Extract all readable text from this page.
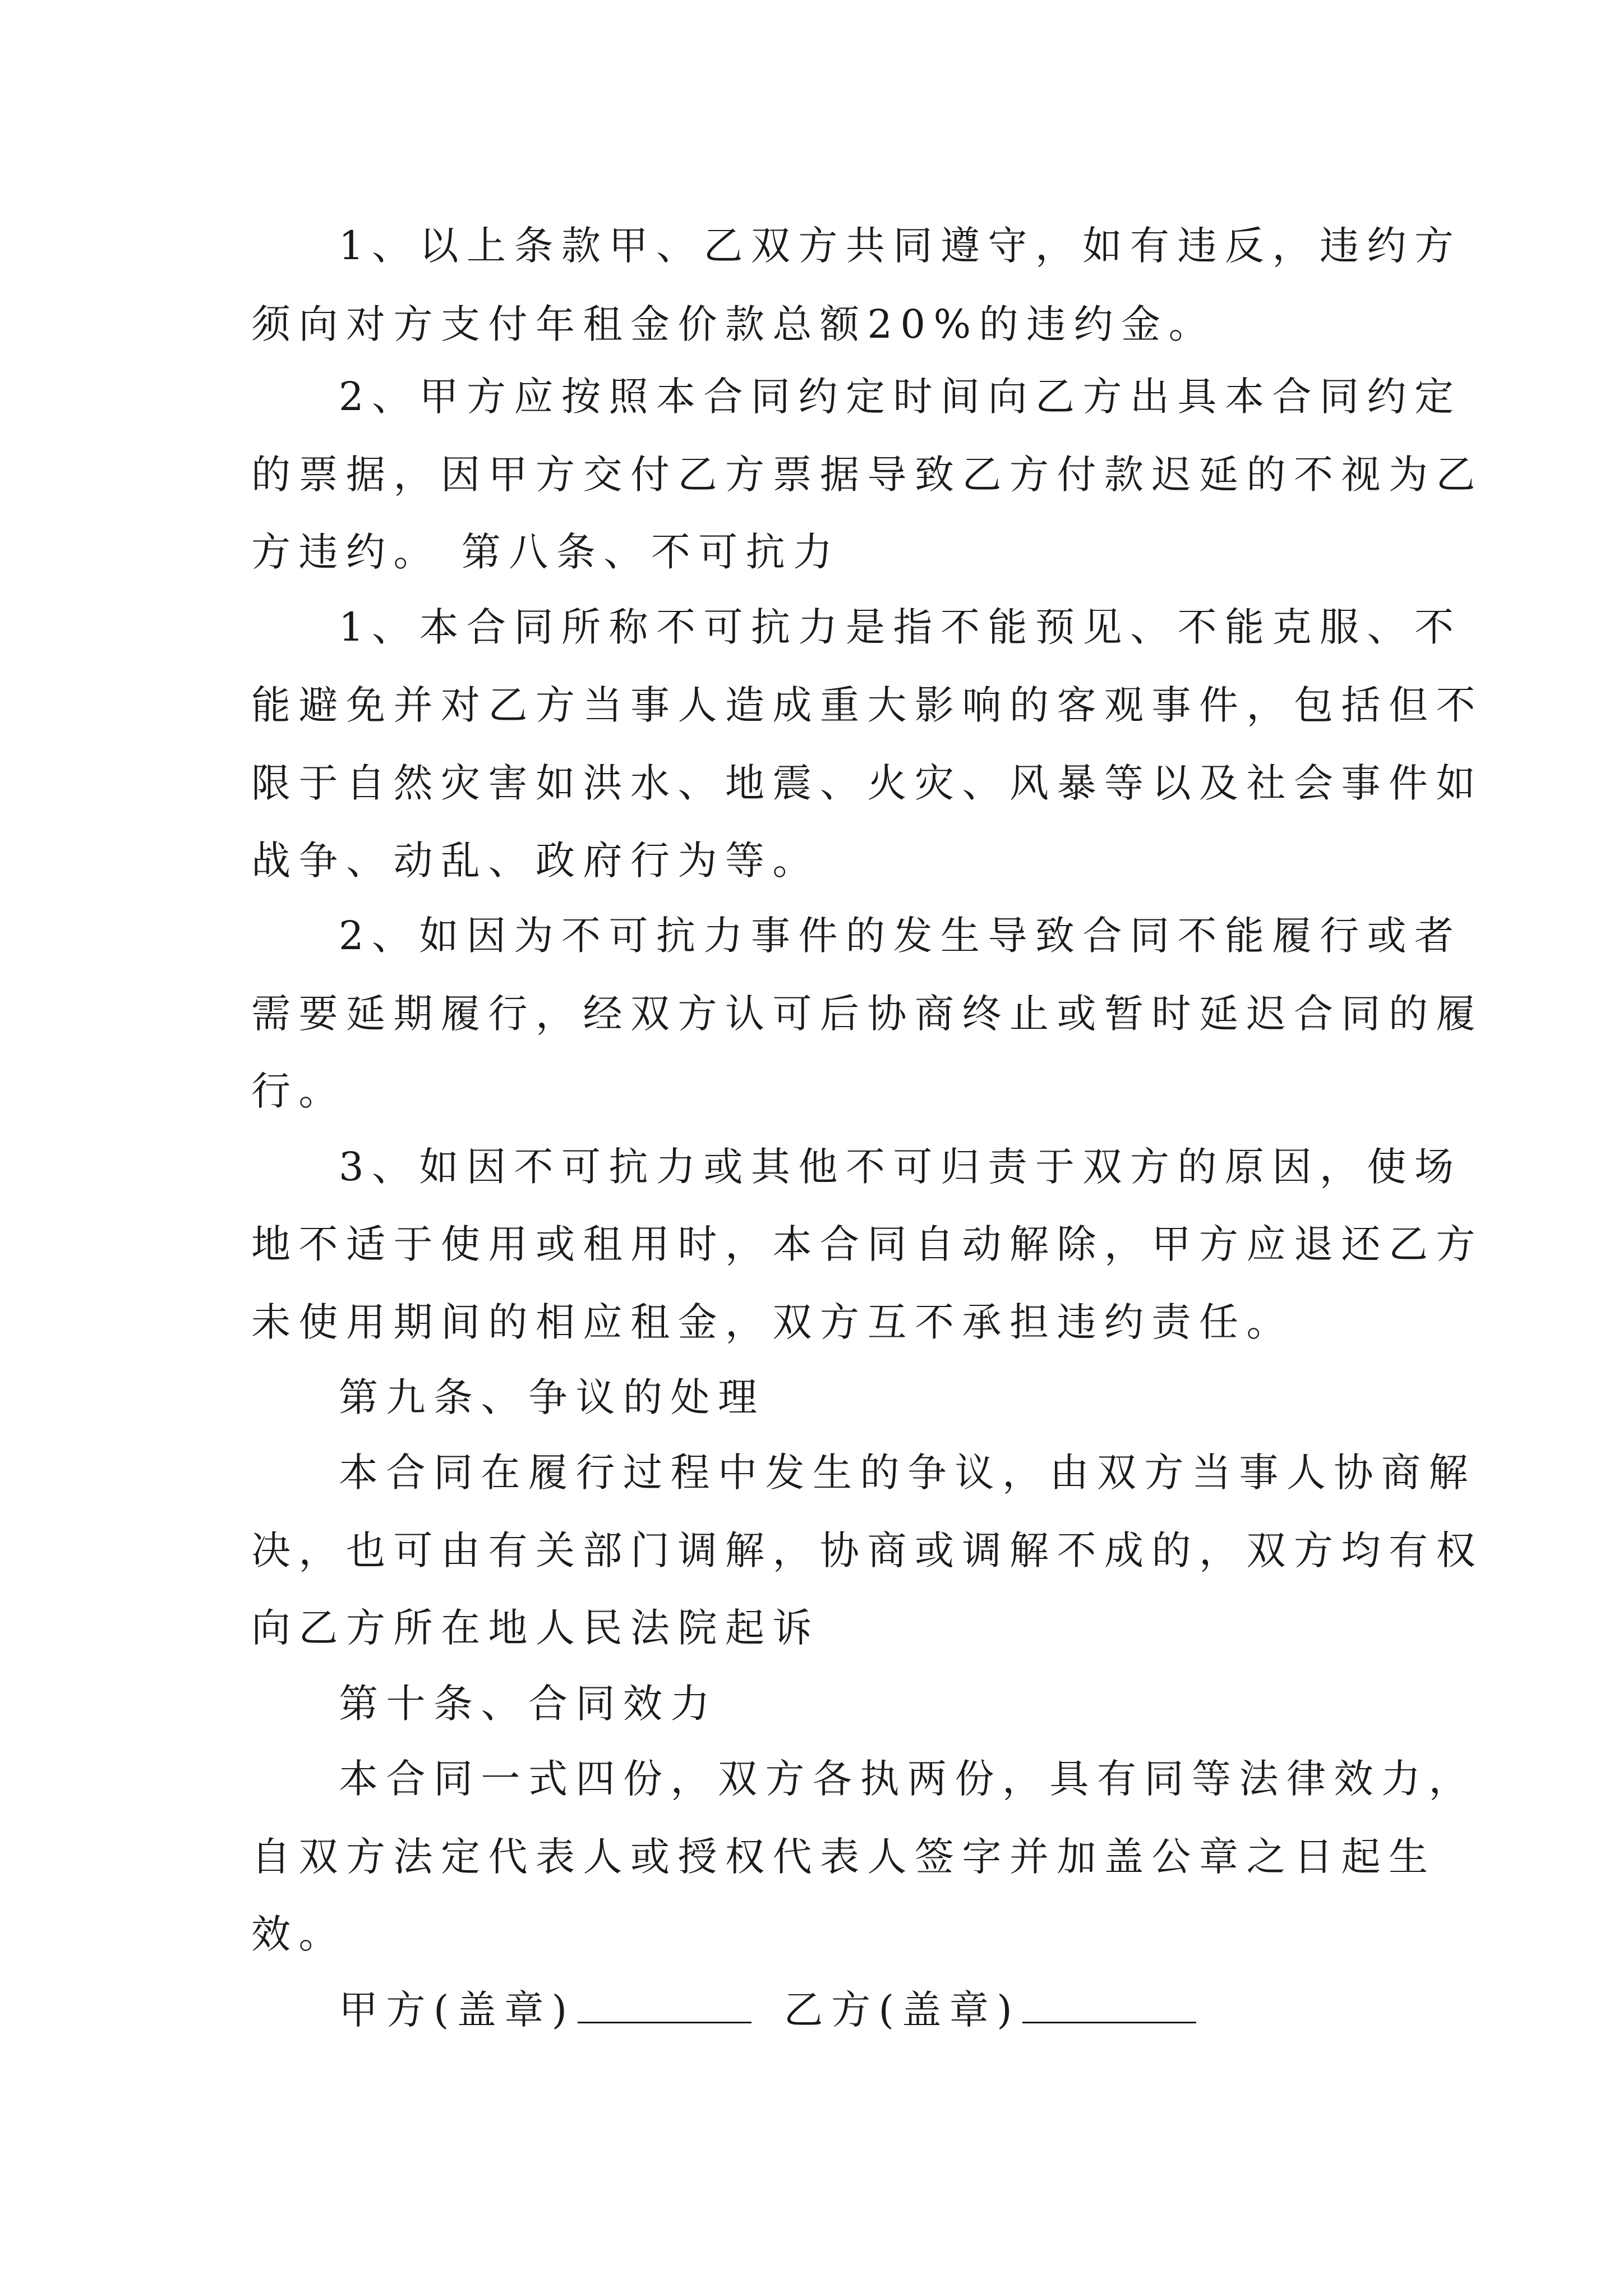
1、以上条款甲、乙双方共同遵守，如有违反，违约方
须向对方支付年租金价款总额20%的违约金。
2、甲方应按照本合同约定时间向乙方出具本合同约定
的票据，因甲方交付乙方票据导致乙方付款迟延的不视为乙
方违约。 第八条、不可抗力
1、本合同所称不可抗力是指不能预见、不能克服、不
能避免并对乙方当事人造成重大影响的客观事件，包括但不
限于自然灾害如洪水、地震、火灾、风暴等以及社会事件如
战争、动乱、政府行为等。
2、如因为不可抗力事件的发生导致合同不能履行或者
需要延期履行，经双方认可后协商终止或暂时延迟合同的履
行。
3、如因不可抗力或其他不可归责于双方的原因，使场
地不适于使用或租用时，本合同自动解除，甲方应退还乙方
未使用期间的相应租金，双方互不承担违约责任。
第九条、争议的处理
本合同在履行过程中发生的争议，由双方当事人协商解
决，也可由有关部门调解，协商或调解不成的，双方均有权
向乙方所在地人民法院起诉
第十条、合同效力
本合同一式四份，双方各执两份，具有同等法律效力，
自双方法定代表人或授权代表人签字并加盖公章之日起生
效。
甲方(盖章)	乙方(盖章)
